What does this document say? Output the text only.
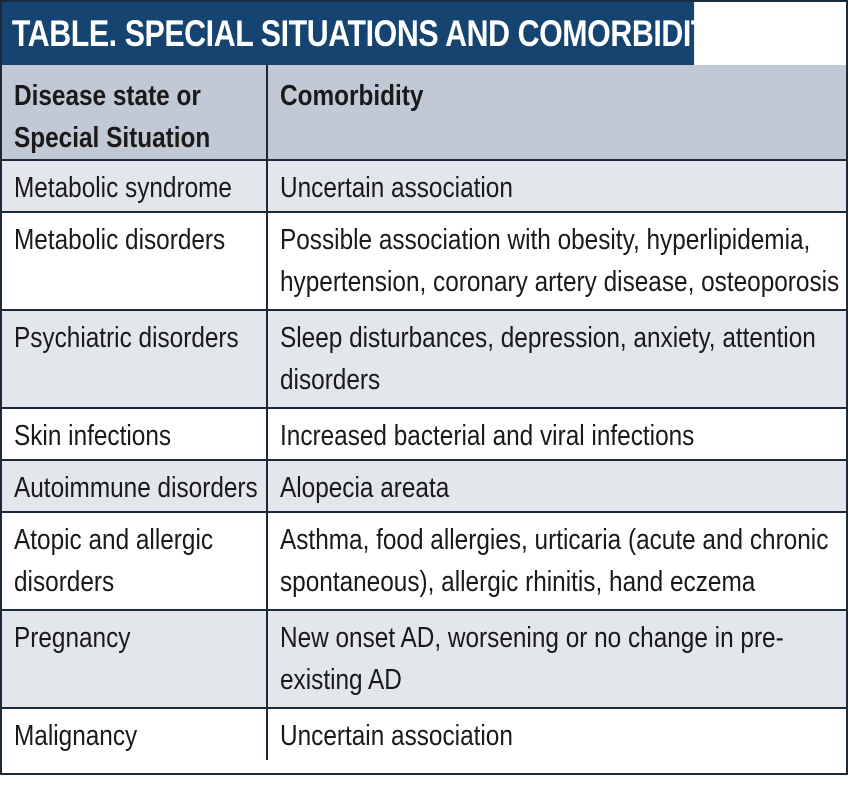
TABLE. SPECIAL SITUATIONS AND COMORBIDITIES IN AD
Disease state or
Special Situation	Comorbidity

Metabolic syndrome	Uncertain association

Metabolic disorders	Possible association with obesity, hyperlipidemia, hypertension, coronary artery disease, osteoporosis

Psychiatric disorders	Sleep disturbances, depression, anxiety, attention disorders

Skin infections	Increased bacterial and viral infections

Autoimmune disorders	Alopecia areata

Atopic and allergic disorders	Asthma, food allergies, urticaria (acute and chronic spontaneous), allergic rhinitis, hand eczema

Pregnancy	New onset AD, worsening or no change in pre-existing AD

Malignancy	Uncertain association
